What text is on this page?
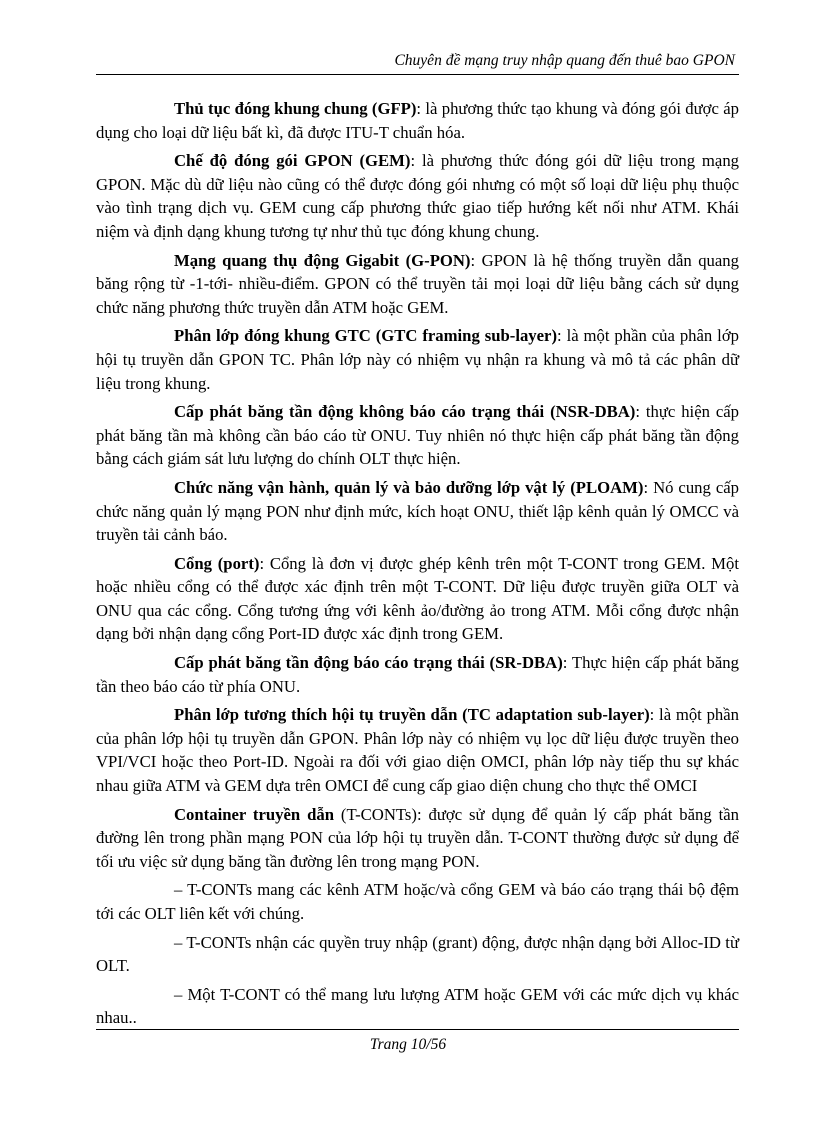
Chuyên đề mạng truy nhập quang đến thuê bao GPON

Thủ tục đóng khung chung (GFP): là phương thức tạo khung và đóng gói được áp dụng cho loại dữ liệu bất kì, đã được ITU-T chuẩn hóa.

Chế độ đóng gói GPON (GEM): là phương thức đóng gói dữ liệu trong mạng GPON. Mặc dù dữ liệu nào cũng có thể được đóng gói nhưng có một số loại dữ liệu phụ thuộc vào tình trạng dịch vụ. GEM cung cấp phương thức giao tiếp hướng kết nối như ATM. Khái niệm và định dạng khung tương tự như thủ tục đóng khung chung.

Mạng quang thụ động Gigabit (G-PON): GPON là hệ thống truyền dẫn quang băng rộng từ -1-tới- nhiều-điểm. GPON có thể truyền tải mọi loại dữ liệu bằng cách sử dụng chức năng phương thức truyền dẫn ATM hoặc GEM.

Phân lớp đóng khung GTC (GTC framing sub-layer): là một phần của phân lớp hội tụ truyền dẫn GPON TC. Phân lớp này có nhiệm vụ nhận ra khung và mô tả các phân dữ liệu trong khung.

Cấp phát băng tần động không báo cáo trạng thái (NSR-DBA): thực hiện cấp phát băng tần mà không cần báo cáo từ ONU. Tuy nhiên nó thực hiện cấp phát băng tần động bằng cách giám sát lưu lượng do chính OLT thực hiện.

Chức năng vận hành, quản lý và bảo dưỡng lớp vật lý (PLOAM): Nó cung cấp chức năng quản lý mạng PON như định mức, kích hoạt ONU, thiết lập kênh quản lý OMCC và truyền tải cảnh báo.

Cổng (port): Cổng là đơn vị được ghép kênh trên một T-CONT trong GEM. Một hoặc nhiều cổng có thể được xác định trên một T-CONT. Dữ liệu được truyền giữa OLT và ONU qua các cổng. Cổng tương ứng với kênh ảo/đường ảo trong ATM. Mỗi cổng được nhận dạng bởi nhận dạng cổng Port-ID được xác định trong GEM.

Cấp phát băng tần động báo cáo trạng thái (SR-DBA): Thực hiện cấp phát băng tần theo báo cáo từ phía ONU.

Phân lớp tương thích hội tụ truyền dẫn (TC adaptation sub-layer): là một phần của phân lớp hội tụ truyền dẫn GPON. Phân lớp này có nhiệm vụ lọc dữ liệu được truyền theo VPI/VCI hoặc theo Port-ID. Ngoài ra đối với giao diện OMCI, phân lớp này tiếp thu sự khác nhau giữa ATM và GEM dựa trên OMCI để cung cấp giao diện chung cho thực thể OMCI

Container truyền dẫn (T-CONTs): được sử dụng để quản lý cấp phát băng tần đường lên trong phần mạng PON của lớp hội tụ truyền dẫn. T-CONT thường được sử dụng để tối ưu việc sử dụng băng tần đường lên trong mạng PON.

– T-CONTs mang các kênh ATM hoặc/và cổng GEM và báo cáo trạng thái bộ đệm tới các OLT liên kết với chúng.

– T-CONTs nhận các quyền truy nhập (grant) động, được nhận dạng bởi Alloc-ID từ OLT.

– Một T-CONT có thể mang lưu lượng ATM hoặc GEM với các mức dịch vụ khác nhau..

Trang 10/56
